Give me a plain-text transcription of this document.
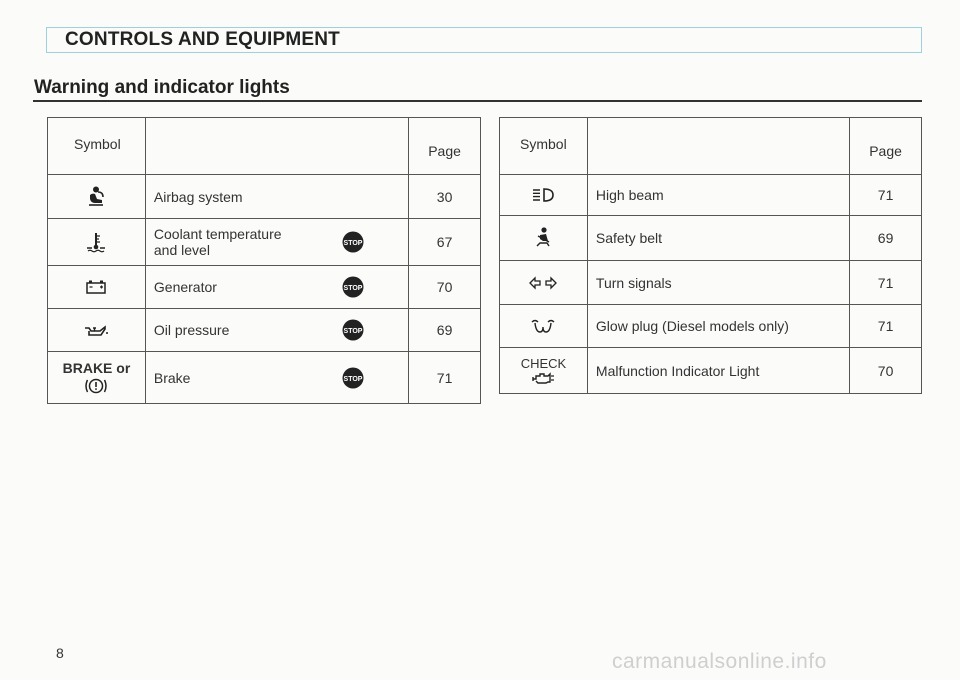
CONTROLS AND EQUIPMENT
Warning and indicator lights
Symbol		Page

	Airbag system	30

	Coolant temperature
and level STOP	67

	Generator STOP	70

	Oil pressure STOP	69

BRAKE or	Brake STOP	71
Symbol		Page

	High beam	71

	Safety belt	69

	Turn signals	71

	Glow plug (Diesel models only)	71

CHECK	Malfunction Indicator Light	70
8	carmanualsonline.info
